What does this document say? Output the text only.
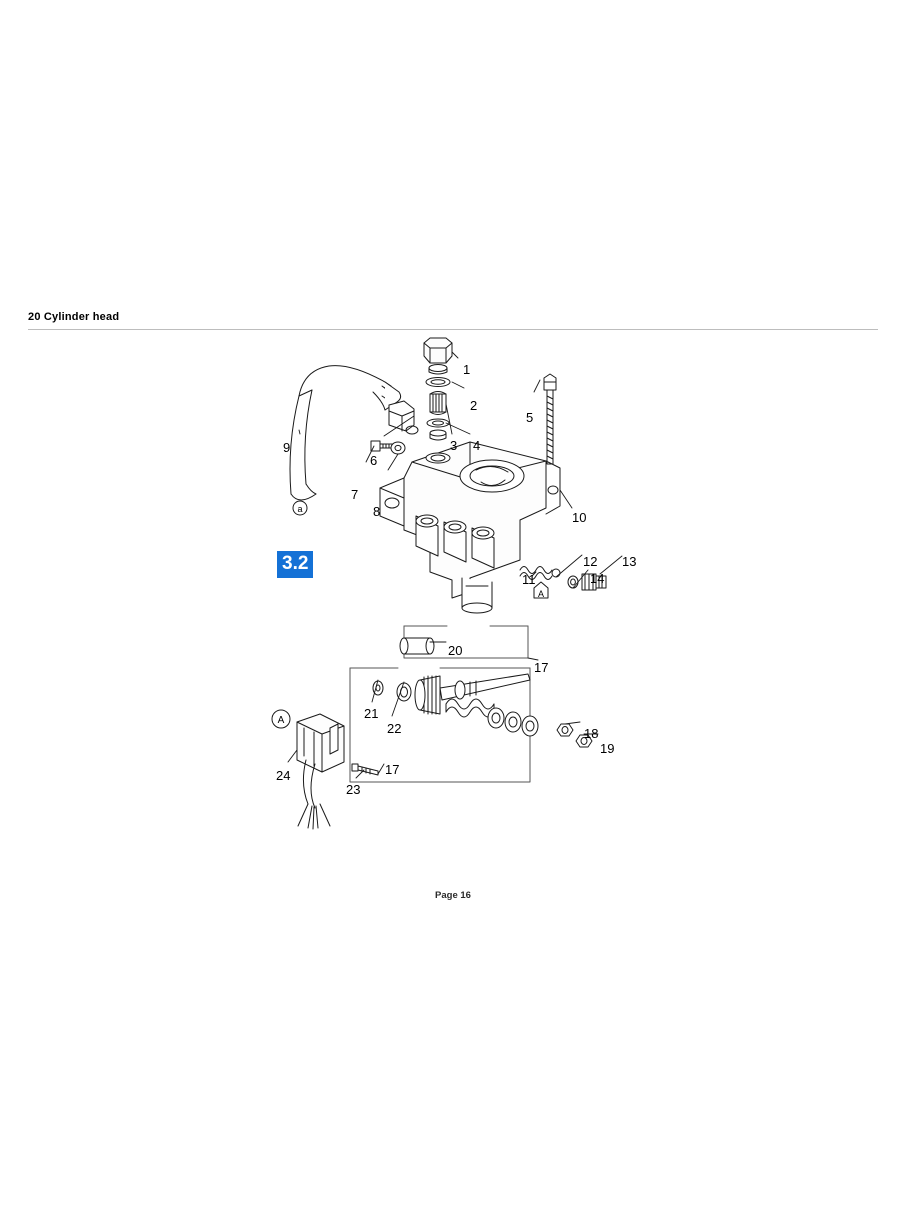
20 Cylinder head
a
A
A
1
2
3 4
5
6
7
8
9
10
11
12 13
14
17
17
18
19
20
21
22
23
24
3.2
Page 16
